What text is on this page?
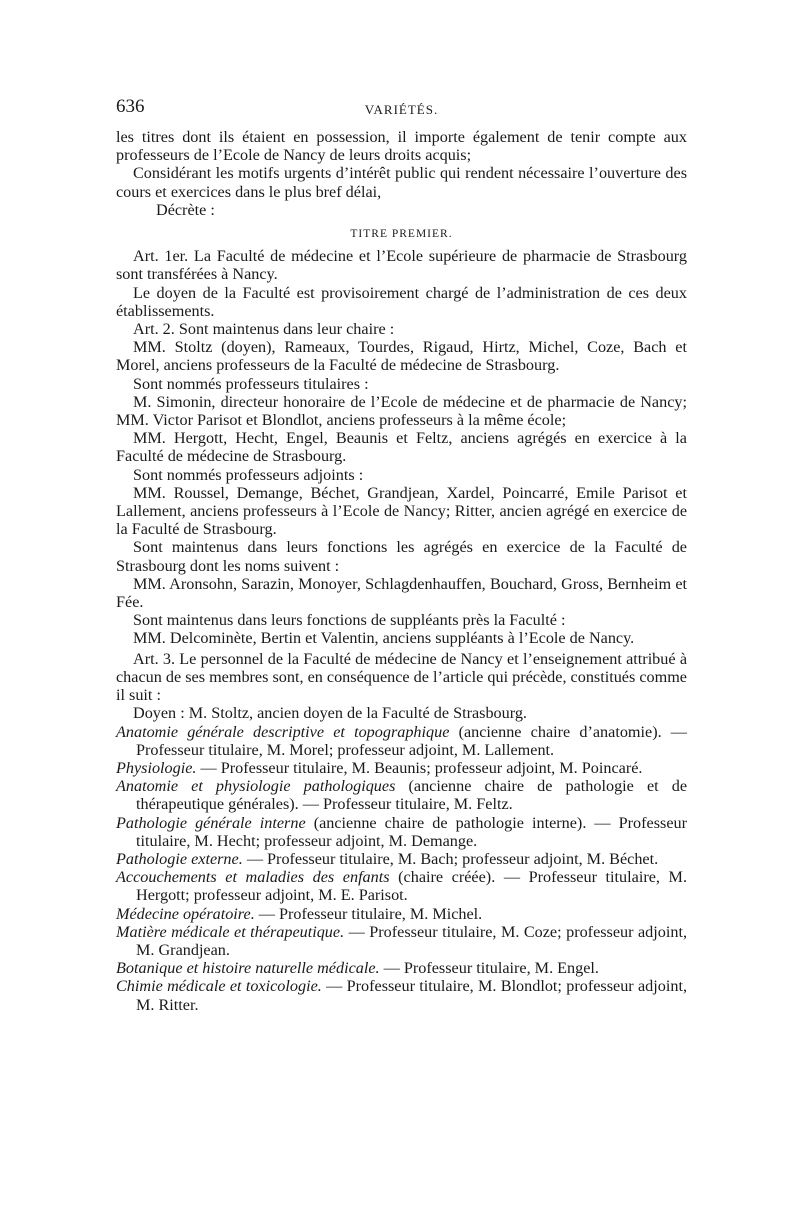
636	VARIÉTÉS.

les titres dont ils étaient en possession, il importe également de tenir compte aux professeurs de l’Ecole de Nancy de leurs droits acquis;

Considérant les motifs urgents d’intérêt public qui rendent nécessaire l’ouverture des cours et exercices dans le plus bref délai,

Décrète :

TITRE PREMIER.

Art. 1er. La Faculté de médecine et l’Ecole supérieure de pharmacie de Strasbourg sont transférées à Nancy.

Le doyen de la Faculté est provisoirement chargé de l’administration de ces deux établissements.

Art. 2. Sont maintenus dans leur chaire :

MM. Stoltz (doyen), Rameaux, Tourdes, Rigaud, Hirtz, Michel, Coze, Bach et Morel, anciens professeurs de la Faculté de médecine de Strasbourg.

Sont nommés professeurs titulaires :

M. Simonin, directeur honoraire de l’Ecole de médecine et de pharmacie de Nancy; MM. Victor Parisot et Blondlot, anciens professeurs à la même école;

MM. Hergott, Hecht, Engel, Beaunis et Feltz, anciens agrégés en exercice à la Faculté de médecine de Strasbourg.

Sont nommés professeurs adjoints :

MM. Roussel, Demange, Béchet, Grandjean, Xardel, Poincarré, Emile Parisot et Lallement, anciens professeurs à l’Ecole de Nancy; Ritter, ancien agrégé en exercice de la Faculté de Strasbourg.

Sont maintenus dans leurs fonctions les agrégés en exercice de la Faculté de Strasbourg dont les noms suivent :

MM. Aronsohn, Sarazin, Monoyer, Schlagdenhauffen, Bouchard, Gross, Bernheim et Fée.

Sont maintenus dans leurs fonctions de suppléants près la Faculté :

MM. Delcominète, Bertin et Valentin, anciens suppléants à l’Ecole de Nancy.

Art. 3. Le personnel de la Faculté de médecine de Nancy et l’enseignement attribué à chacun de ses membres sont, en conséquence de l’article qui précède, constitués comme il suit :

Doyen : M. Stoltz, ancien doyen de la Faculté de Strasbourg.

Anatomie générale descriptive et topographique (ancienne chaire d’anatomie). — Professeur titulaire, M. Morel; professeur adjoint, M. Lallement.

Physiologie. — Professeur titulaire, M. Beaunis; professeur adjoint, M. Poincaré.

Anatomie et physiologie pathologiques (ancienne chaire de pathologie et de thérapeutique générales). — Professeur titulaire, M. Feltz.

Pathologie générale interne (ancienne chaire de pathologie interne). — Professeur titulaire, M. Hecht; professeur adjoint, M. Demange.

Pathologie externe. — Professeur titulaire, M. Bach; professeur adjoint, M. Béchet.

Accouchements et maladies des enfants (chaire créée). — Professeur titulaire, M. Hergott; professeur adjoint, M. E. Parisot.

Médecine opératoire. — Professeur titulaire, M. Michel.

Matière médicale et thérapeutique. — Professeur titulaire, M. Coze; professeur adjoint, M. Grandjean.

Botanique et histoire naturelle médicale. — Professeur titulaire, M. Engel.

Chimie médicale et toxicologie. — Professeur titulaire, M. Blondlot; professeur adjoint, M. Ritter.
